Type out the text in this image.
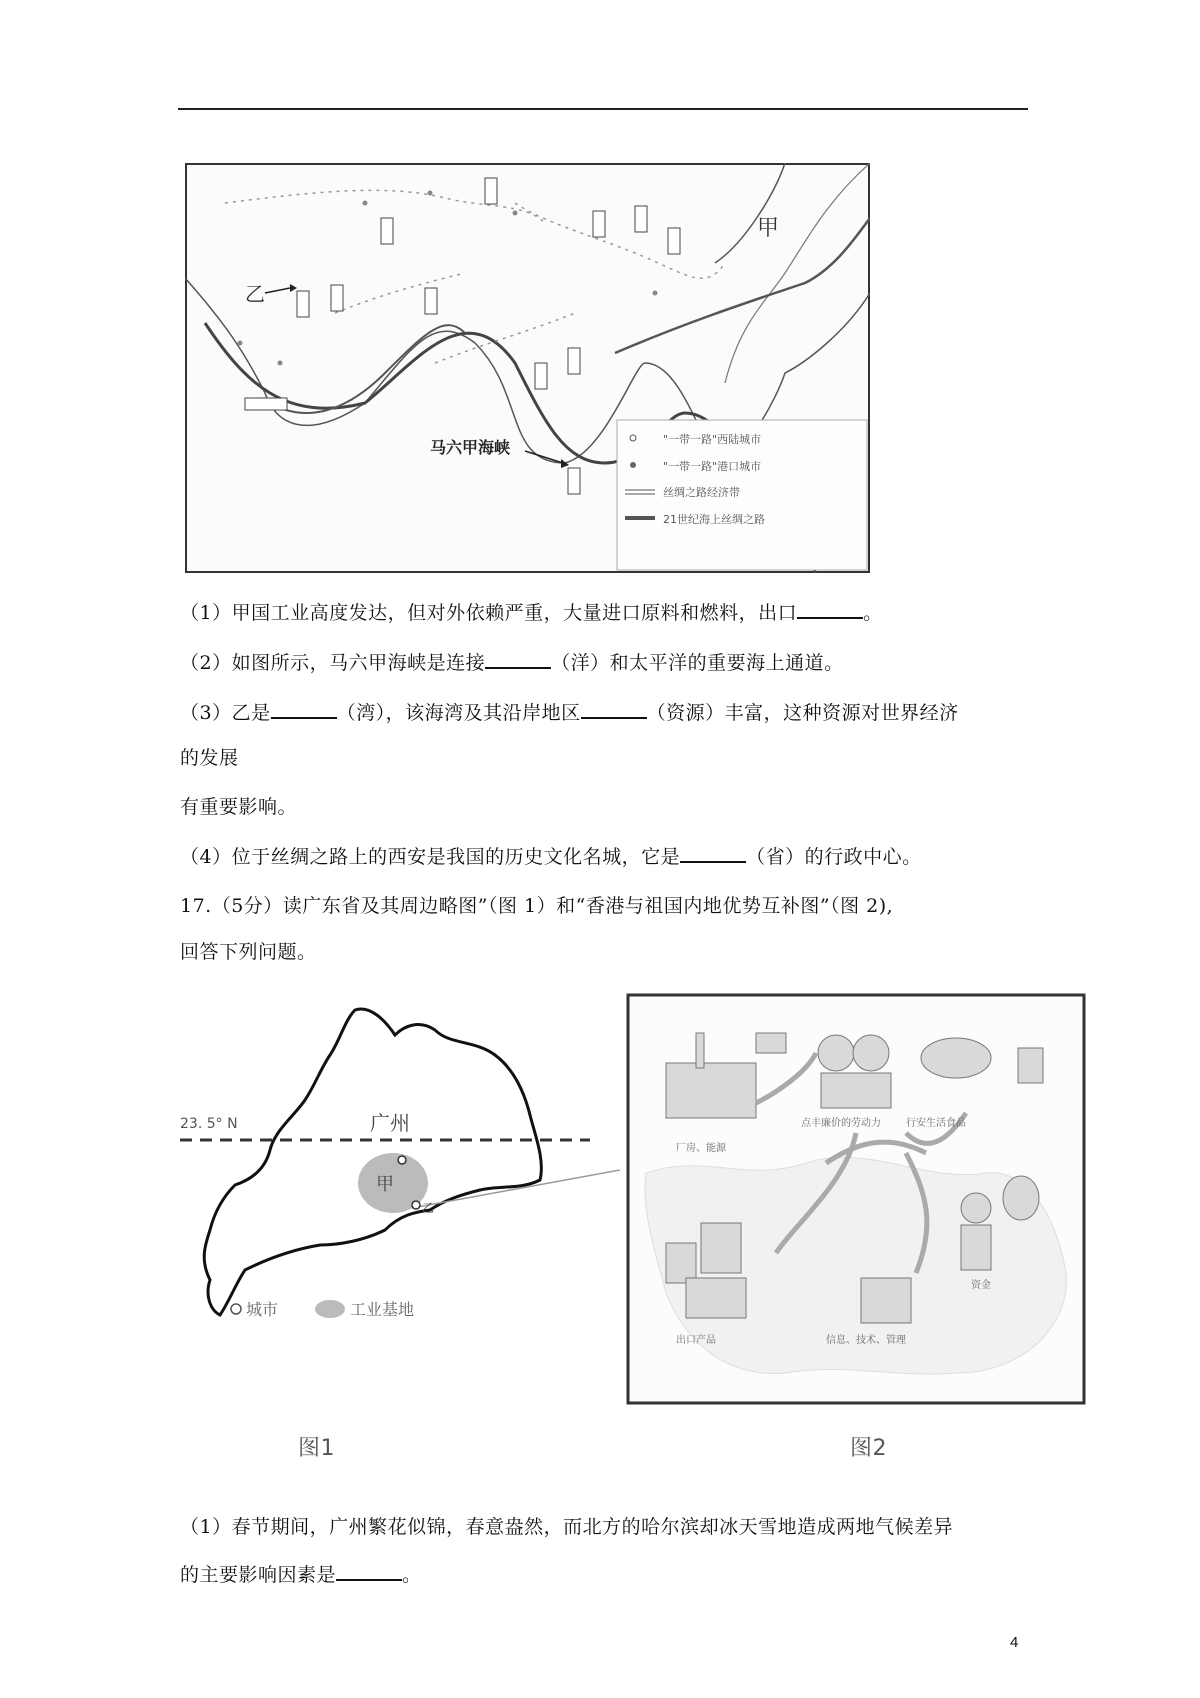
甲
乙
马六甲海峡	"一带一路"西陆城市
"一带一路"港口城市
丝绸之路经济带
21世纪海上丝绸之路
（1）甲国工业高度发达，但对外依赖严重，大量进口原料和燃料，出口	。
（2）如图所示，马六甲海峡是连接	（洋）和太平洋的重要海上通道。
（3）乙是	（湾），该海湾及其沿岸地区	（资源）丰富，这种资源对世界经济
的发展
有重要影响。
（4）位于丝绸之路上的西安是我国的历史文化名城，它是	（省）的行政中心。
17.（5分）读广东省及其周边略图”（图 1）和“香港与祖国内地优势互补图”（图 2),
回答下列问题。
23. 5° N	广州
甲
乙
城市	工业基地
图1
点丰廉价的劳动力	行安生活食品
厂房、能源
资金
出口产品	信息、技术、管理
图2
（1）春节期间，广州繁花似锦，春意盎然，而北方的哈尔滨却冰天雪地造成两地气候差异
的主要影响因素是	。
4
